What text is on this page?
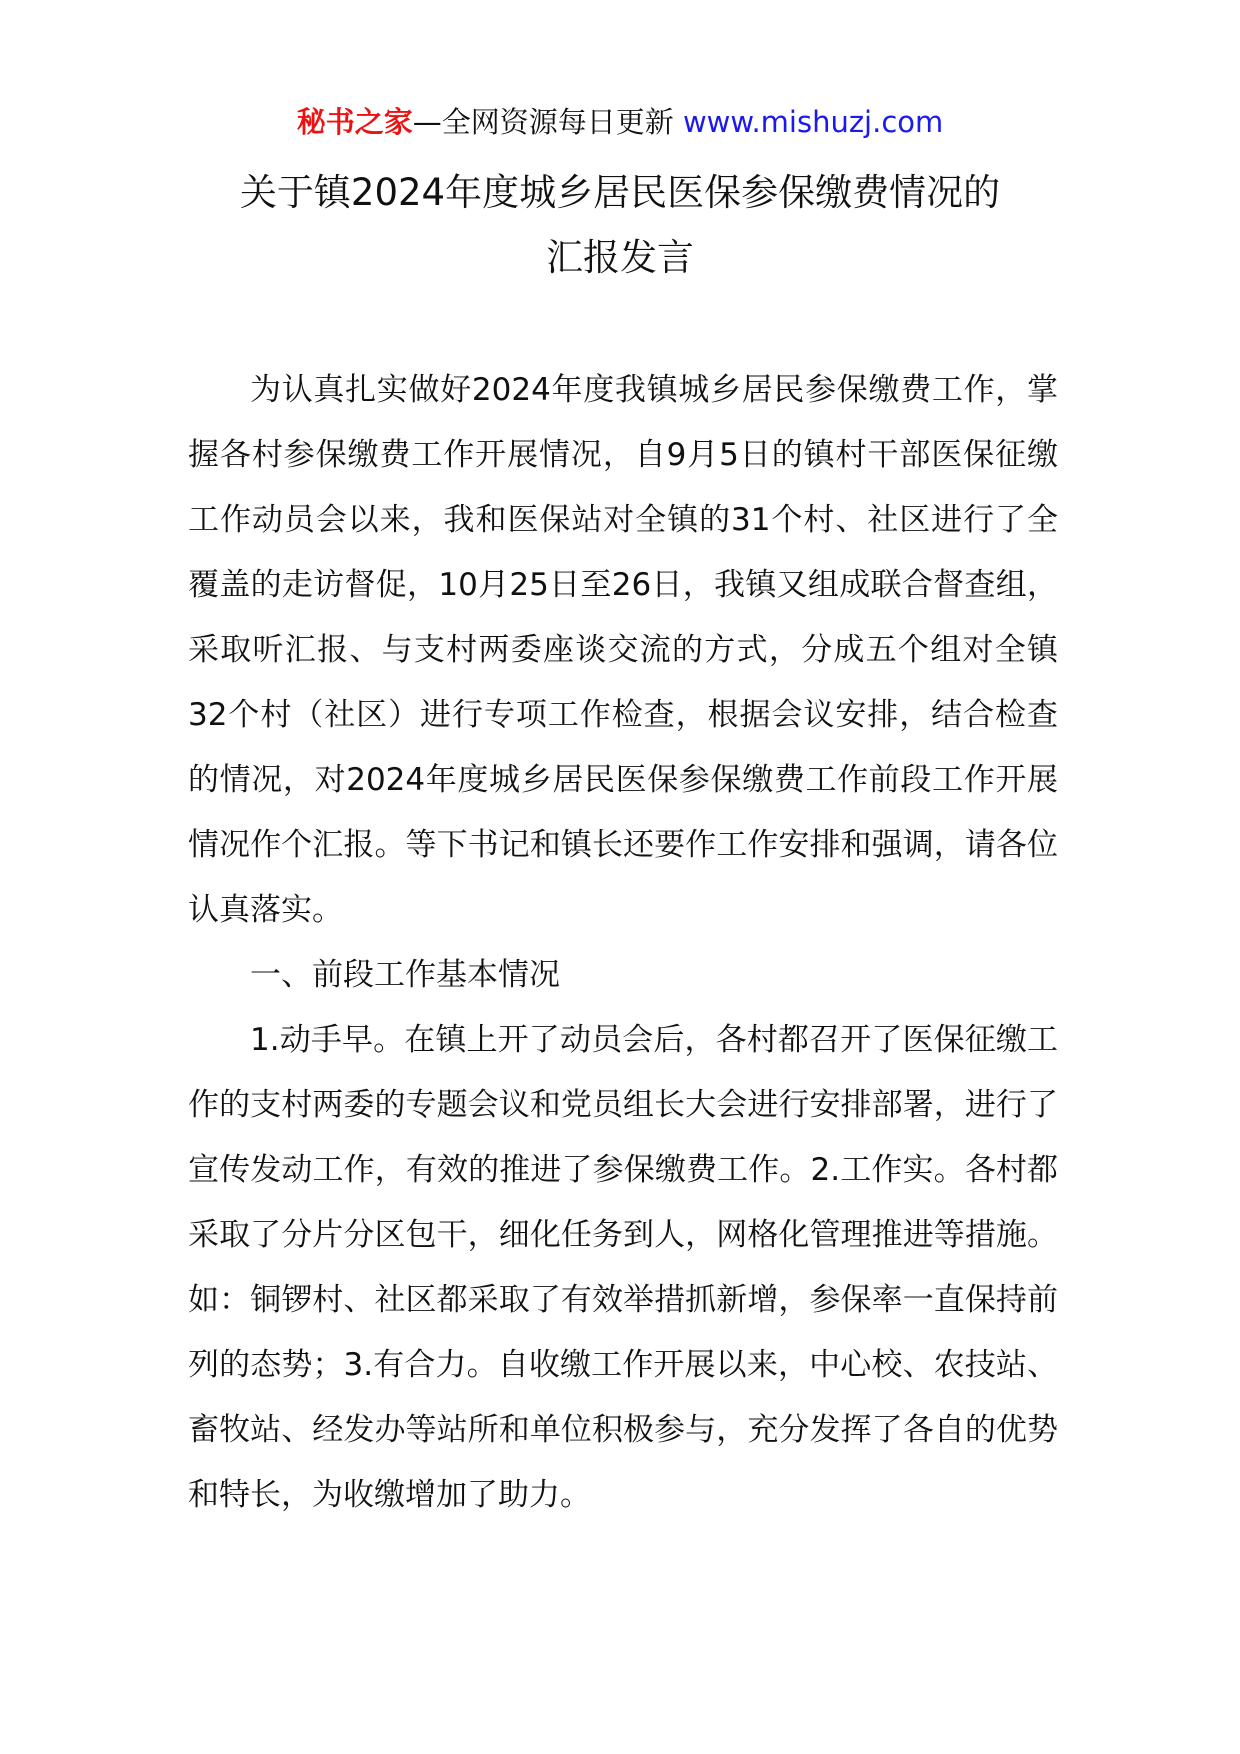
秘书之家—全网资源每日更新 www.mishuzj.com
关于镇2024年度城乡居民医保参保缴费情况的
汇报发言

为认真扎实做好2024年度我镇城乡居民参保缴费工作，掌握各村参保缴费工作开展情况，自9月5日的镇村干部医保征缴工作动员会以来，我和医保站对全镇的31个村、社区进行了全覆盖的走访督促，10月25日至26日，我镇又组成联合督查组，采取听汇报、与支村两委座谈交流的方式，分成五个组对全镇32个村（社区）进行专项工作检查，根据会议安排，结合检查的情况，对2024年度城乡居民医保参保缴费工作前段工作开展情况作个汇报。等下书记和镇长还要作工作安排和强调，请各位认真落实。

一、前段工作基本情况

1.动手早。在镇上开了动员会后，各村都召开了医保征缴工作的支村两委的专题会议和党员组长大会进行安排部署，进行了宣传发动工作，有效的推进了参保缴费工作。2.工作实。各村都采取了分片分区包干，细化任务到人，网格化管理推进等措施。如：铜锣村、社区都采取了有效举措抓新增，参保率一直保持前列的态势；3.有合力。自收缴工作开展以来，中心校、农技站、畜牧站、经发办等站所和单位积极参与，充分发挥了各自的优势和特长，为收缴增加了助力。
